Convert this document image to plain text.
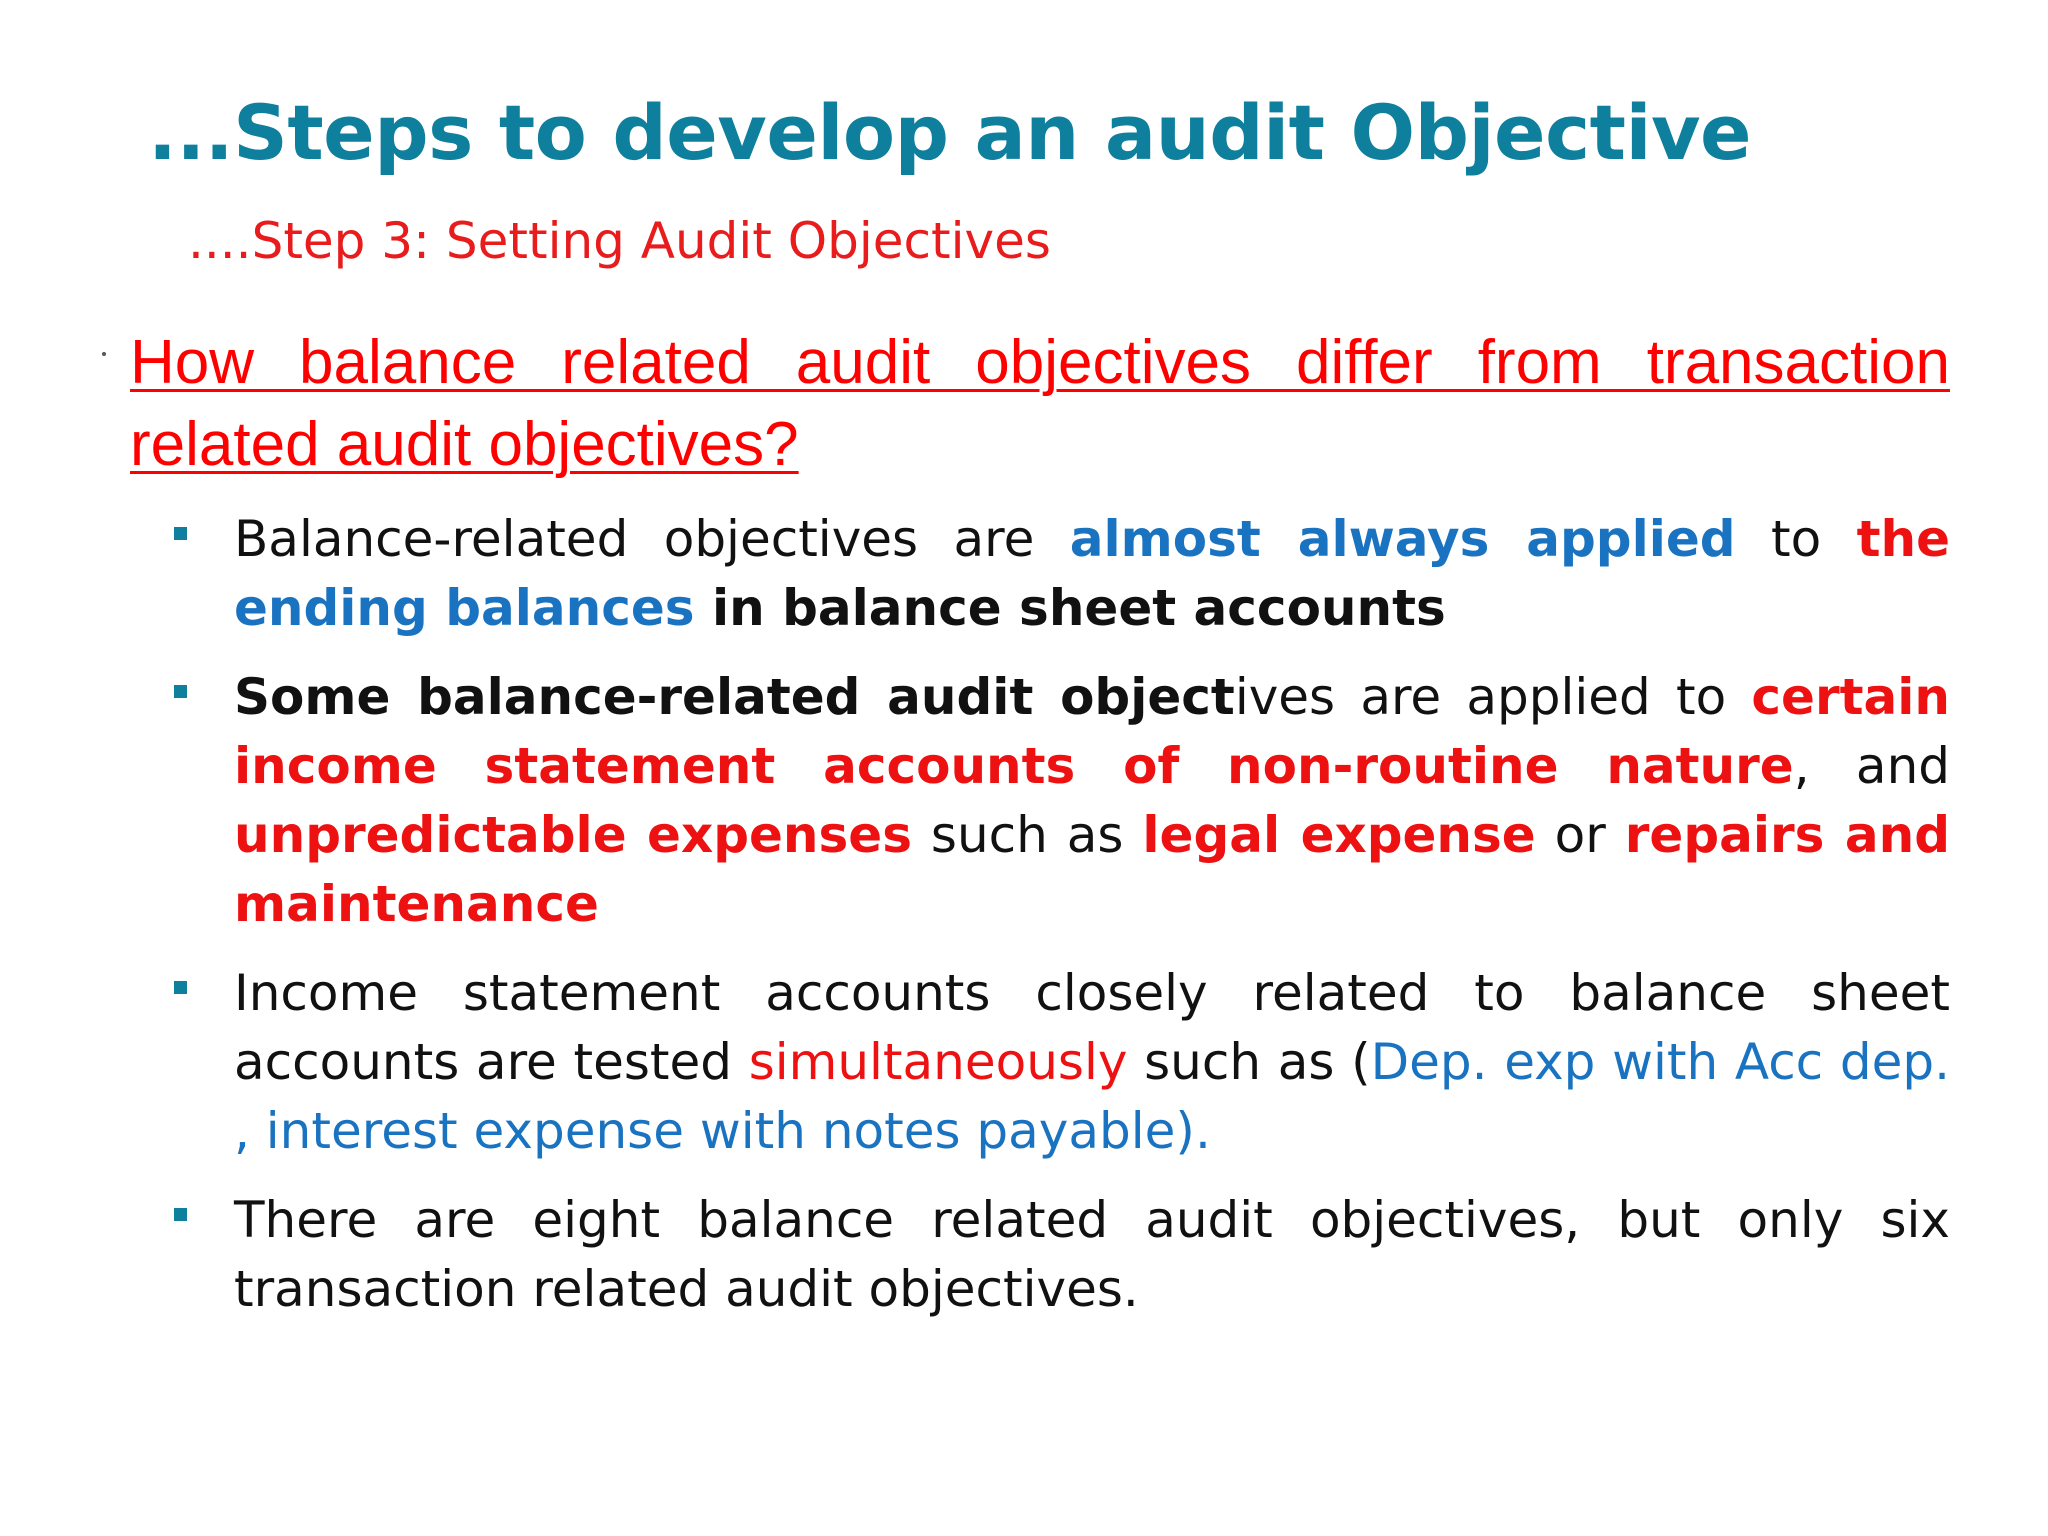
...Steps to develop an audit Objective
....Step 3: Setting Audit Objectives
How balance related audit objectives differ from transaction related audit objectives?
Balance-related objectives are almost always applied to the ending balances in balance sheet accounts
Some balance-related audit objectives are applied to certain income statement accounts of non-routine nature, and unpredictable expenses such as legal expense or repairs and maintenance
Income statement accounts closely related to balance sheet accounts are tested simultaneously such as (Dep. exp with Acc dep. , interest expense with notes payable).
There are eight balance related audit objectives, but only six transaction related audit objectives.
